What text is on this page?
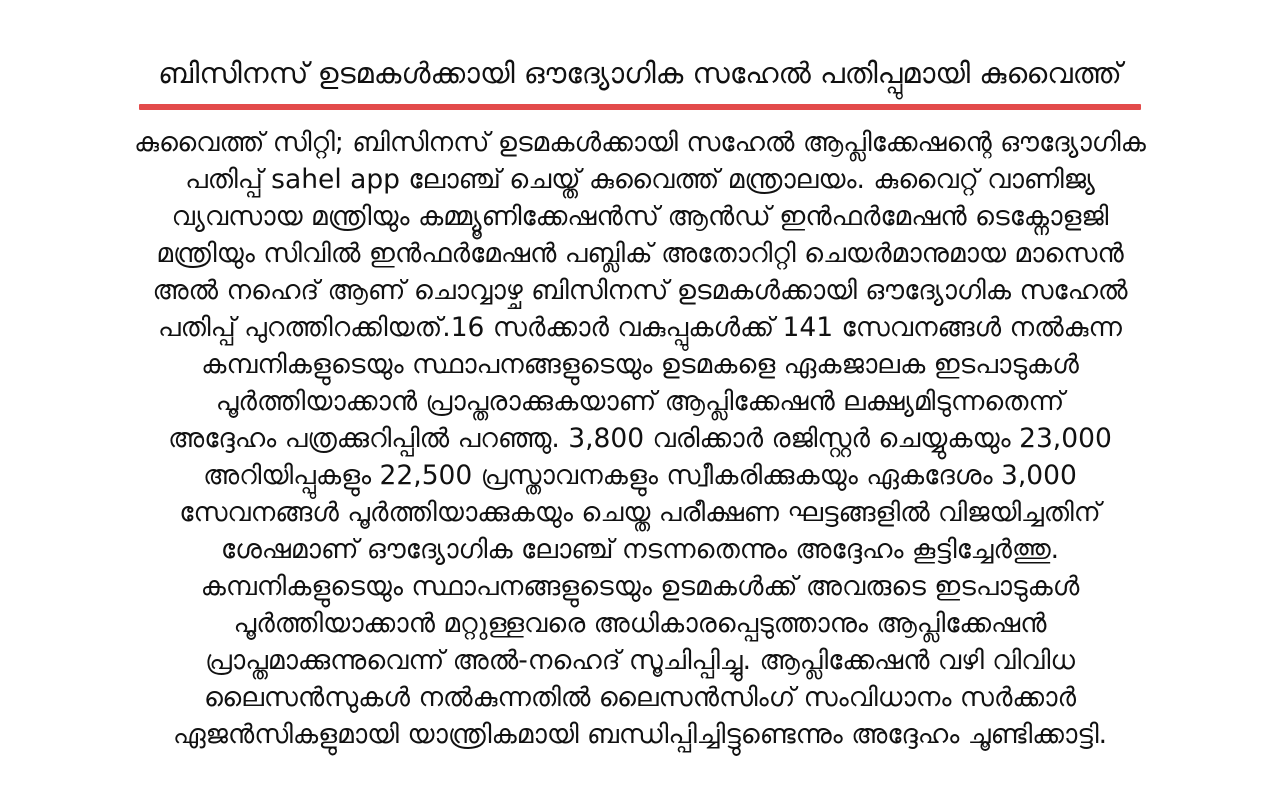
ബിസിനസ് ഉടമകൾക്കായി ഔദ്യോഗിക സഹേൽ പതിപ്പുമായി കുവൈത്ത്
കുവൈത്ത് സിറ്റി; ബിസിനസ് ഉടമകൾക്കായി സഹേൽ ആപ്ലിക്കേഷന്റെ ഔദ്യോഗിക
പതിപ്പ് sahel app ലോഞ്ച് ചെയ്ത് കുവൈത്ത് മന്ത്രാലയം. കുവൈറ്റ് വാണിജ്യ
വ്യവസായ മന്ത്രിയും കമ്മ്യൂണിക്കേഷൻസ് ആൻഡ് ഇൻഫർമേഷൻ ടെക്നോളജി
മന്ത്രിയും സിവിൽ ഇൻഫർമേഷൻ പബ്ലിക് അതോറിറ്റി ചെയർമാനുമായ മാസെൻ
അൽ നഹെദ് ആണ് ചൊവ്വാഴ്ച ബിസിനസ് ഉടമകൾക്കായി ഔദ്യോഗിക സഹേൽ
പതിപ്പ് പുറത്തിറക്കിയത്.16 സർക്കാർ വകുപ്പുകൾക്ക് 141 സേവനങ്ങൾ നൽകുന്ന
കമ്പനികളുടെയും സ്ഥാപനങ്ങളുടെയും ഉടമകളെ ഏകജാലക ഇടപാടുകൾ
പൂർത്തിയാക്കാൻ പ്രാപ്തരാക്കുകയാണ് ആപ്ലിക്കേഷൻ ലക്ഷ്യമിടുന്നതെന്ന്
അദ്ദേഹം പത്രക്കുറിപ്പിൽ പറഞ്ഞു. 3,800 വരിക്കാർ രജിസ്റ്റർ ചെയ്യുകയും 23,000
അറിയിപ്പുകളും 22,500 പ്രസ്താവനകളും സ്വീകരിക്കുകയും ഏകദേശം 3,000
സേവനങ്ങൾ പൂർത്തിയാക്കുകയും ചെയ്ത പരീക്ഷണ ഘട്ടങ്ങളിൽ വിജയിച്ചതിന്
ശേഷമാണ് ഔദ്യോഗിക ലോഞ്ച് നടന്നതെന്നും അദ്ദേഹം കൂട്ടിച്ചേർത്തു.
കമ്പനികളുടെയും സ്ഥാപനങ്ങളുടെയും ഉടമകൾക്ക് അവരുടെ ഇടപാടുകൾ
പൂർത്തിയാക്കാൻ മറ്റുള്ളവരെ അധികാരപ്പെടുത്താനും ആപ്ലിക്കേഷൻ
പ്രാപ്തമാക്കുന്നുവെന്ന് അൽ-നഹെദ് സൂചിപ്പിച്ചു. ആപ്ലിക്കേഷൻ വഴി വിവിധ
ലൈസൻസുകൾ നൽകുന്നതിൽ ലൈസൻസിംഗ് സംവിധാനം സർക്കാർ
ഏജൻസികളുമായി യാന്ത്രികമായി ബന്ധിപ്പിച്ചിട്ടുണ്ടെന്നും അദ്ദേഹം ചൂണ്ടിക്കാട്ടി.
